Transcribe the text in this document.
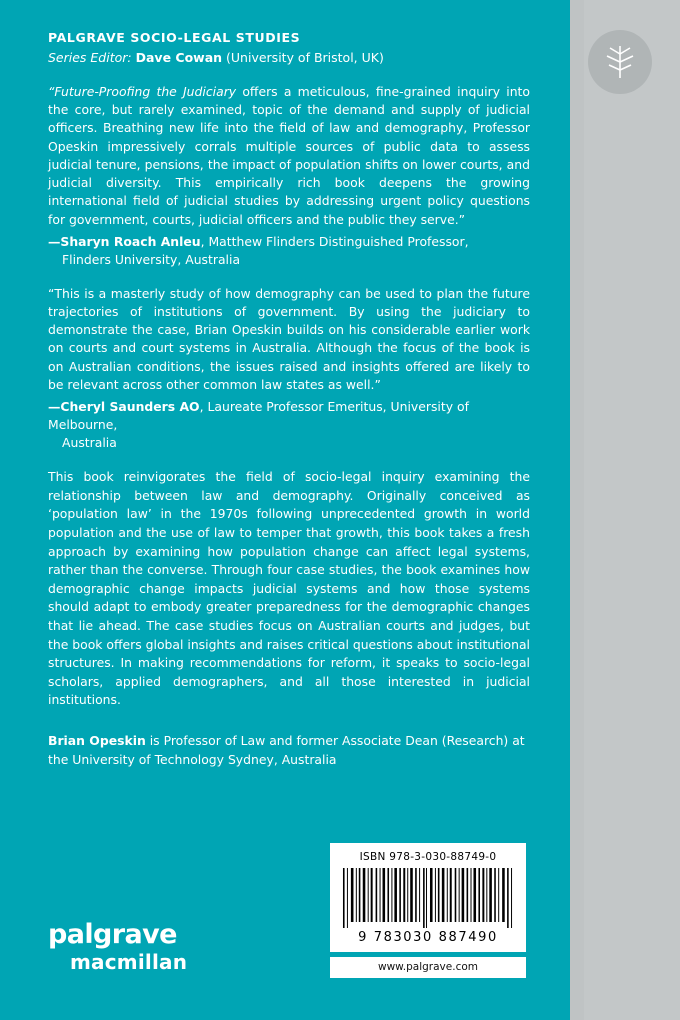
PALGRAVE SOCIO-LEGAL STUDIES
Series Editor: Dave Cowan (University of Bristol, UK)

“Future-Proofing the Judiciary offers a meticulous, fine-grained inquiry into the core, but rarely examined, topic of the demand and supply of judicial officers. Breathing new life into the field of law and demography, Professor Opeskin impressively corrals multiple sources of public data to assess judicial tenure, pensions, the impact of population shifts on lower courts, and judicial diversity. This empirically rich book deepens the growing international field of judicial studies by addressing urgent policy questions for government, courts, judicial officers and the public they serve.”

—Sharyn Roach Anleu, Matthew Flinders Distinguished Professor,
Flinders University, Australia

“This is a masterly study of how demography can be used to plan the future trajectories of institutions of government. By using the judiciary to demonstrate the case, Brian Opeskin builds on his considerable earlier work on courts and court systems in Australia. Although the focus of the book is on Australian conditions, the issues raised and insights offered are likely to be relevant across other common law states as well.”

—Cheryl Saunders AO, Laureate Professor Emeritus, University of Melbourne,
Australia

This book reinvigorates the field of socio-legal inquiry examining the relationship between law and demography. Originally conceived as ‘population law’ in the 1970s following unprecedented growth in world population and the use of law to temper that growth, this book takes a fresh approach by examining how population change can affect legal systems, rather than the converse. Through four case studies, the book examines how demographic change impacts judicial systems and how those systems should adapt to embody greater preparedness for the demographic changes that lie ahead. The case studies focus on Australian courts and judges, but the book offers global insights and raises critical questions about institutional structures. In making recommendations for reform, it speaks to socio-legal scholars, applied demographers, and all those interested in judicial institutions.

Brian Opeskin is Professor of Law and former Associate Dean (Research) at the University of Technology Sydney, Australia

palgrave
macmillan
ISBN 978-3-030-88749-0
9 783030 887490
www.palgrave.com
